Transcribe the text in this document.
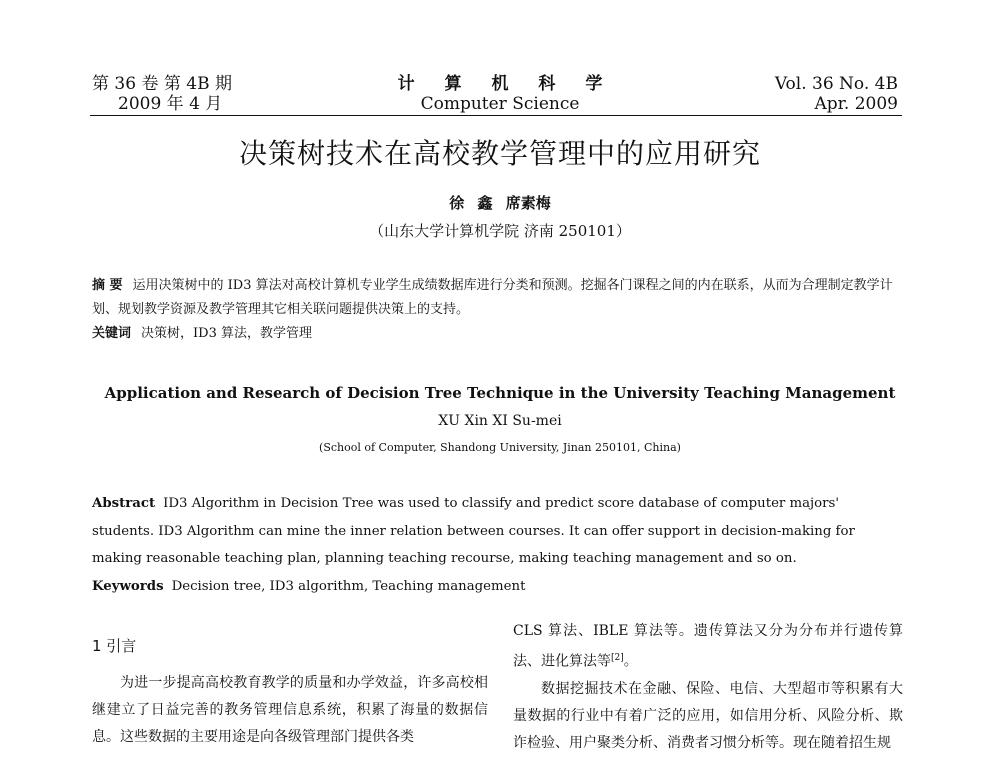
第 36 卷 第 4B 期
2009 年 4 月
计 算 机 科 学
Computer Science
Vol. 36 No. 4B
Apr. 2009
决策树技术在高校教学管理中的应用研究
徐 鑫 席素梅
（山东大学计算机学院 济南 250101）
摘 要 运用决策树中的 ID3 算法对高校计算机专业学生成绩数据库进行分类和预测。挖掘各门课程之间的内在联系，从而为合理制定教学计划、规划教学资源及教学管理其它相关联问题提供决策上的支持。
关键词 决策树，ID3 算法，教学管理
Application and Research of Decision Tree Technique in the University Teaching Management
XU Xin XI Su-mei
(School of Computer, Shandong University, Jinan 250101, China)
Abstract ID3 Algorithm in Decision Tree was used to classify and predict score database of computer majors' students. ID3 Algorithm can mine the inner relation between courses. It can offer support in decision-making for making reasonable teaching plan, planning teaching recourse, making teaching management and so on.
Keywords Decision tree, ID3 algorithm, Teaching management
1 引言

为进一步提高高校教育教学的质量和办学效益，许多高校相继建立了日益完善的教务管理信息系统，积累了海量的数据信息。这些数据的主要用途是向各级管理部门提供各类

CLS 算法、IBLE 算法等。遗传算法又分为分布并行遗传算法、进化算法等[2]。

数据挖掘技术在金融、保险、电信、大型超市等积累有大量数据的行业中有着广泛的应用，如信用分析、风险分析、欺诈检验、用户聚类分析、消费者习惯分析等。现在随着招生规
